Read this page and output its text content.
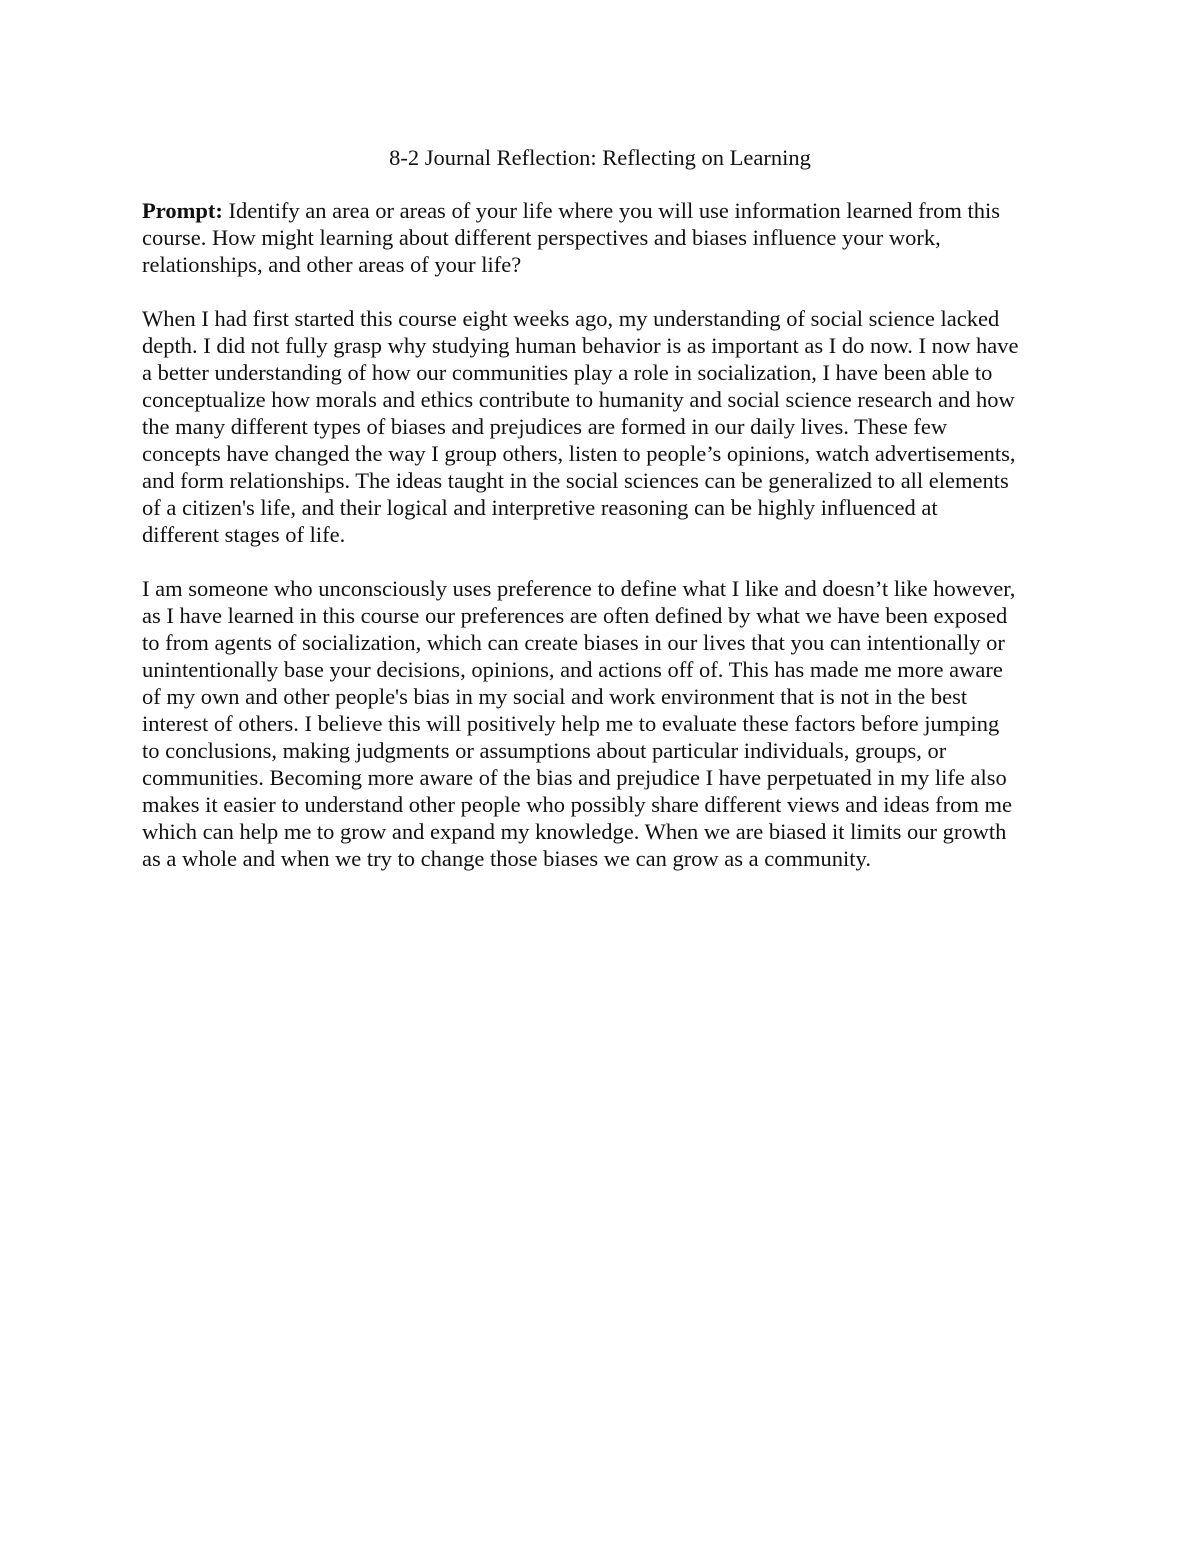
8-2 Journal Reflection: Reflecting on Learning
Prompt: Identify an area or areas of your life where you will use information learned from this
course. How might learning about different perspectives and biases influence your work,
relationships, and other areas of your life?
When I had first started this course eight weeks ago, my understanding of social science lacked
depth. I did not fully grasp why studying human behavior is as important as I do now. I now have
a better understanding of how our communities play a role in socialization, I have been able to
conceptualize how morals and ethics contribute to humanity and social science research and how
the many different types of biases and prejudices are formed in our daily lives. These few
concepts have changed the way I group others, listen to people’s opinions, watch advertisements,
and form relationships. The ideas taught in the social sciences can be generalized to all elements
of a citizen's life, and their logical and interpretive reasoning can be highly influenced at
different stages of life.
I am someone who unconsciously uses preference to define what I like and doesn’t like however,
as I have learned in this course our preferences are often defined by what we have been exposed
to from agents of socialization, which can create biases in our lives that you can intentionally or
unintentionally base your decisions, opinions, and actions off of. This has made me more aware
of my own and other people's bias in my social and work environment that is not in the best
interest of others. I believe this will positively help me to evaluate these factors before jumping
to conclusions, making judgments or assumptions about particular individuals, groups, or
communities. Becoming more aware of the bias and prejudice I have perpetuated in my life also
makes it easier to understand other people who possibly share different views and ideas from me
which can help me to grow and expand my knowledge. When we are biased it limits our growth
as a whole and when we try to change those biases we can grow as a community.
